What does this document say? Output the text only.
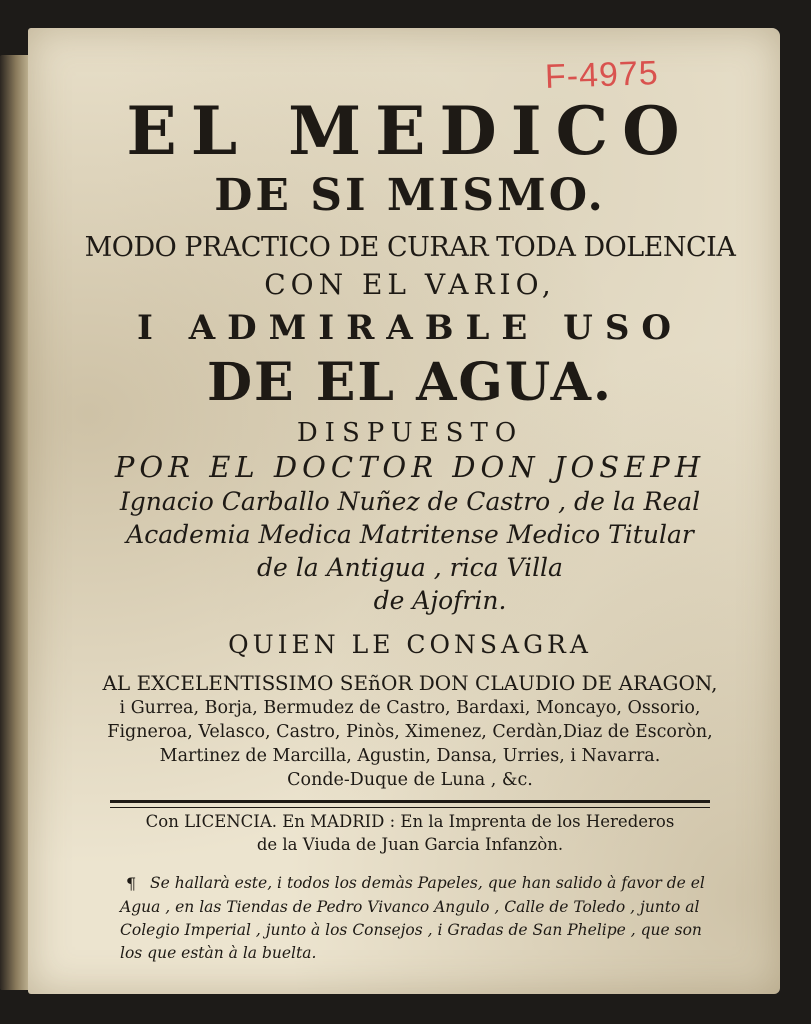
F-4975

EL MEDICO

DE SI MISMO.

MODO PRACTICO DE CURAR TODA DOLENCIA

CON EL VARIO,

I ADMIRABLE USO

DE EL AGUA.

DISPUESTO

POR EL DOCTOR DON JOSEPH

Ignacio Carballo Nuñez de Castro , de la Real

Academia Medica Matritense Medico Titular

de la Antigua , rica Villa

de Ajofrin.

QUIEN LE CONSAGRA

AL EXCELENTISSIMO SEñOR DON CLAUDIO DE ARAGON,

i Gurrea, Borja, Bermudez de Castro, Bardaxi, Moncayo, Ossorio,

Figneroa, Velasco, Castro, Pinòs, Ximenez, Cerdàn,Diaz de Escoròn,

Martinez de Marcilla, Agustin, Dansa, Urries, i Navarra.

Conde-Duque de Luna , &c.

Con LICENCIA. En MADRID : En la Imprenta de los Herederos

de la Viuda de Juan Garcia Infanzòn.

¶ Se hallarà este, i todos los demàs Papeles, que han salido à favor de el

Agua , en las Tiendas de Pedro Vivanco Angulo , Calle de Toledo , junto al

Colegio Imperial , junto à los Consejos , i Gradas de San Phelipe , que son

los que estàn à la buelta.
